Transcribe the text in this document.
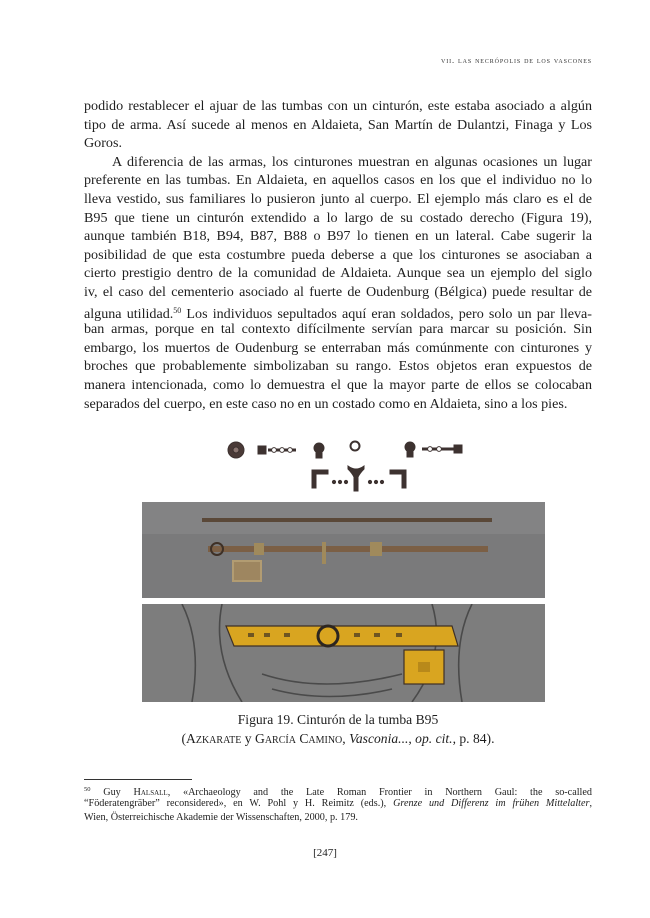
vii. las necrópolis de los vascones
podido restablecer el ajuar de las tumbas con un cinturón, este estaba asociado a algún
tipo de arma. Así sucede al menos en Aldaieta, San Martín de Dulantzi, Finaga y Los
Goros.
A diferencia de las armas, los cinturones muestran en algunas ocasiones un lugar
preferente en las tumbas. En Aldaieta, en aquellos casos en los que el individuo no lo
lleva vestido, sus familiares lo pusieron junto al cuerpo. El ejemplo más claro es el de
B95 que tiene un cinturón extendido a lo largo de su costado derecho (Figura 19),
aunque también B18, B94, B87, B88 o B97 lo tienen en un lateral. Cabe sugerir la
posibilidad de que esta costumbre pueda deberse a que los cinturones se asociaban a
cierto prestigio dentro de la comunidad de Aldaieta. Aunque sea un ejemplo del siglo
iv, el caso del cementerio asociado al fuerte de Oudenburg (Bélgica) puede resultar de
alguna utilidad.$^{50}$ Los individuos sepultados aquí eran soldados, pero solo un par lleva-
ban armas, porque en tal contexto difícilmente servían para marcar su posición. Sin
embargo, los muertos de Oudenburg se enterraban más comúnmente con cinturones y
broches que probablemente simbolizaban su rango. Estos objetos eran expuestos de
manera intencionada, como lo demuestra el que la mayor parte de ellos se colocaban
separados del cuerpo, en este caso no en un costado como en Aldaieta, sino a los pies.
Figura 19. Cinturón de la tumba B95
(Azkarate y García Camino, Vasconia..., op. cit., p. 84).
$^{50}$ Guy Halsall, «Archaeology and the Late Roman Frontier in Northern Gaul: the so-called
“Föderatengräber” reconsidered», en W. Pohl y H. Reimitz (eds.), Grenze und Differenz im frühen Mittelalter,
Wien, Österreichische Akademie der Wissenschaften, 2000, p. 179.
[247]
